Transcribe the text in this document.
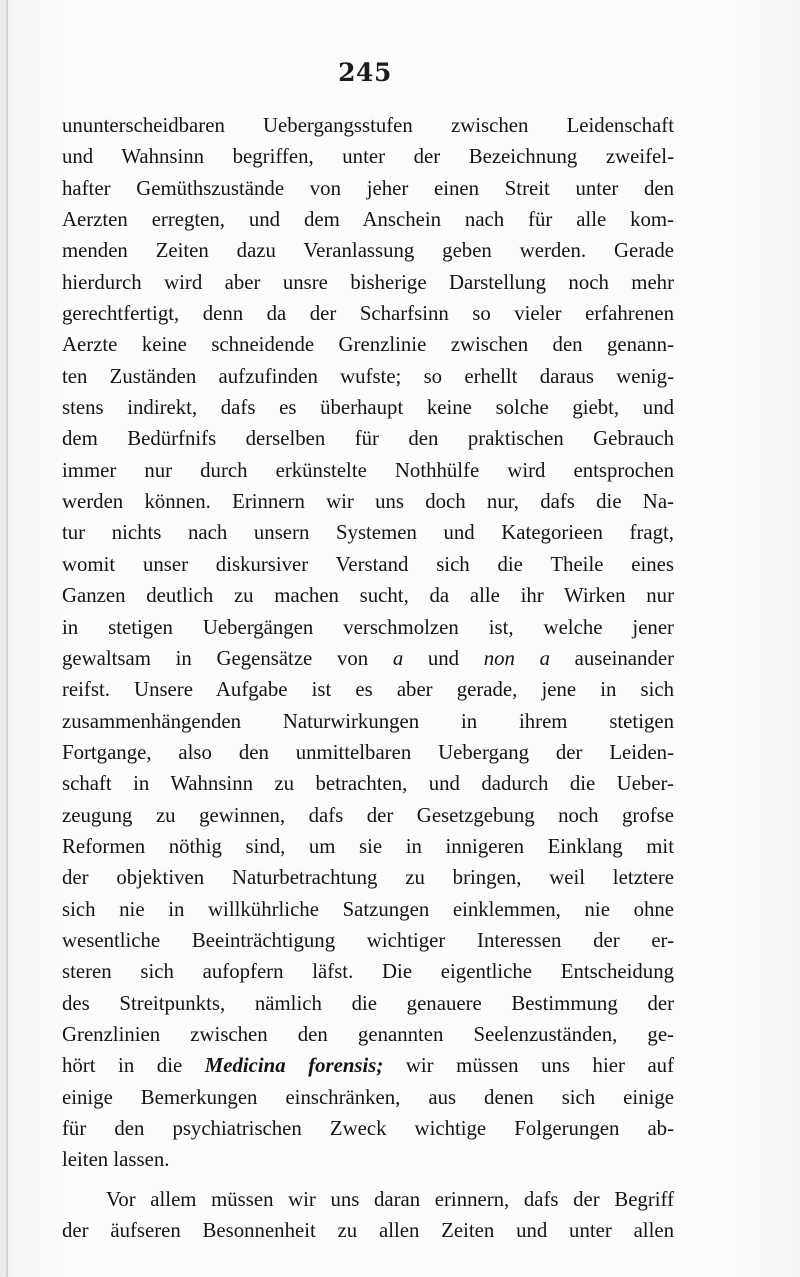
245
ununterscheidbaren Uebergangsstufen zwischen Leidenschaft
und Wahnsinn begriffen, unter der Bezeichnung zweifel-
hafter Gemüthszustände von jeher einen Streit unter den
Aerzten erregten, und dem Anschein nach für alle kom-
menden Zeiten dazu Veranlassung geben werden. Gerade
hierdurch wird aber unsre bisherige Darstellung noch mehr
gerechtfertigt, denn da der Scharfsinn so vieler erfahrenen
Aerzte keine schneidende Grenzlinie zwischen den genann-
ten Zuständen aufzufinden wufste; so erhellt daraus wenig-
stens indirekt, dafs es überhaupt keine solche giebt, und
dem Bedürfnifs derselben für den praktischen Gebrauch
immer nur durch erkünstelte Nothhülfe wird entsprochen
werden können. Erinnern wir uns doch nur, dafs die Na-
tur nichts nach unsern Systemen und Kategorieen fragt,
womit unser diskursiver Verstand sich die Theile eines
Ganzen deutlich zu machen sucht, da alle ihr Wirken nur
in stetigen Uebergängen verschmolzen ist, welche jener
gewaltsam in Gegensätze von a und non a auseinander
reifst. Unsere Aufgabe ist es aber gerade, jene in sich
zusammenhängenden Naturwirkungen in ihrem stetigen
Fortgange, also den unmittelbaren Uebergang der Leiden-
schaft in Wahnsinn zu betrachten, und dadurch die Ueber-
zeugung zu gewinnen, dafs der Gesetzgebung noch grofse
Reformen nöthig sind, um sie in innigeren Einklang mit
der objektiven Naturbetrachtung zu bringen, weil letztere
sich nie in willkührliche Satzungen einklemmen, nie ohne
wesentliche Beeinträchtigung wichtiger Interessen der er-
steren sich aufopfern läfst. Die eigentliche Entscheidung
des Streitpunkts, nämlich die genauere Bestimmung der
Grenzlinien zwischen den genannten Seelenzuständen, ge-
hört in die Medicina forensis; wir müssen uns hier auf
einige Bemerkungen einschränken, aus denen sich einige
für den psychiatrischen Zweck wichtige Folgerungen ab-
leiten lassen.
Vor allem müssen wir uns daran erinnern, dafs der Begriff
der äufseren Besonnenheit zu allen Zeiten und unter allen
